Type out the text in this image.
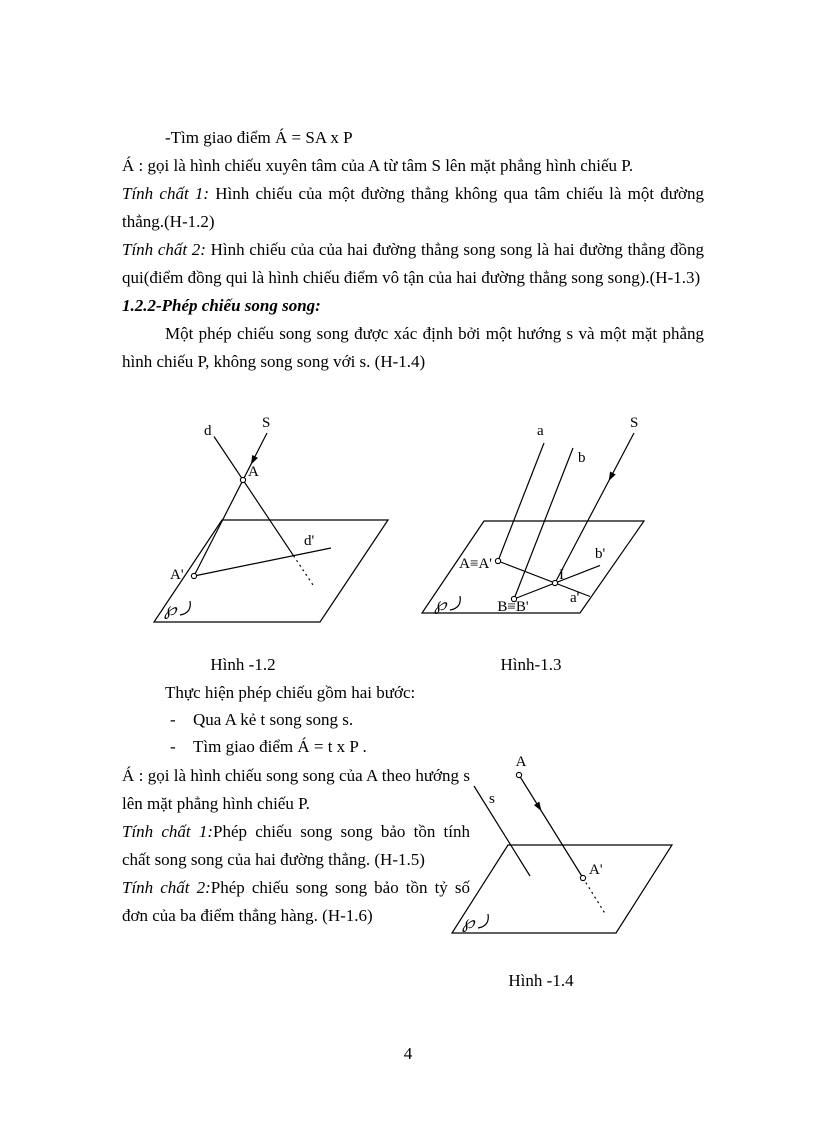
-Tìm giao điểm Á = SA x P

Á : gọi là hình chiếu xuyên tâm của A từ tâm S lên mặt phẳng hình chiếu P.

Tính chất 1: Hình chiếu của một đường thẳng không qua tâm chiếu là một đường thẳng.(H-1.2)

Tính chất 2: Hình chiếu của của hai đường thẳng song song là hai đường thẳng đồng qui(điểm đồng qui là hình chiếu điểm vô tận của hai đường thẳng song song).(H-1.3)

1.2.2-Phép chiếu song song:

Một phép chiếu song song được xác định bởi một hướng s và một mặt phẳng hình chiếu P, không song song với s. (H-1.4)

d	S
A
d'
A'
℘
a
b
S
A≡A'
B≡B'
I
b'
a'
℘

Thực hiện phép chiếu gồm hai bước:

-	Qua A kẻ t song song s.
-	Tìm giao điểm Á = t x P .

Á : gọi là hình chiếu song song của A theo hướng s lên mặt phẳng hình chiếu P.

Tính chất 1:Phép chiếu song song bảo tồn tính chất song song của hai đường thẳng. (H-1.5)

Tính chất 2:Phép chiếu song song bảo tồn tỷ số đơn của ba điểm thẳng hàng. (H-1.6)

A
s
A'
℘
Hình -1.2	Hình-1.3
Hình -1.4
4
